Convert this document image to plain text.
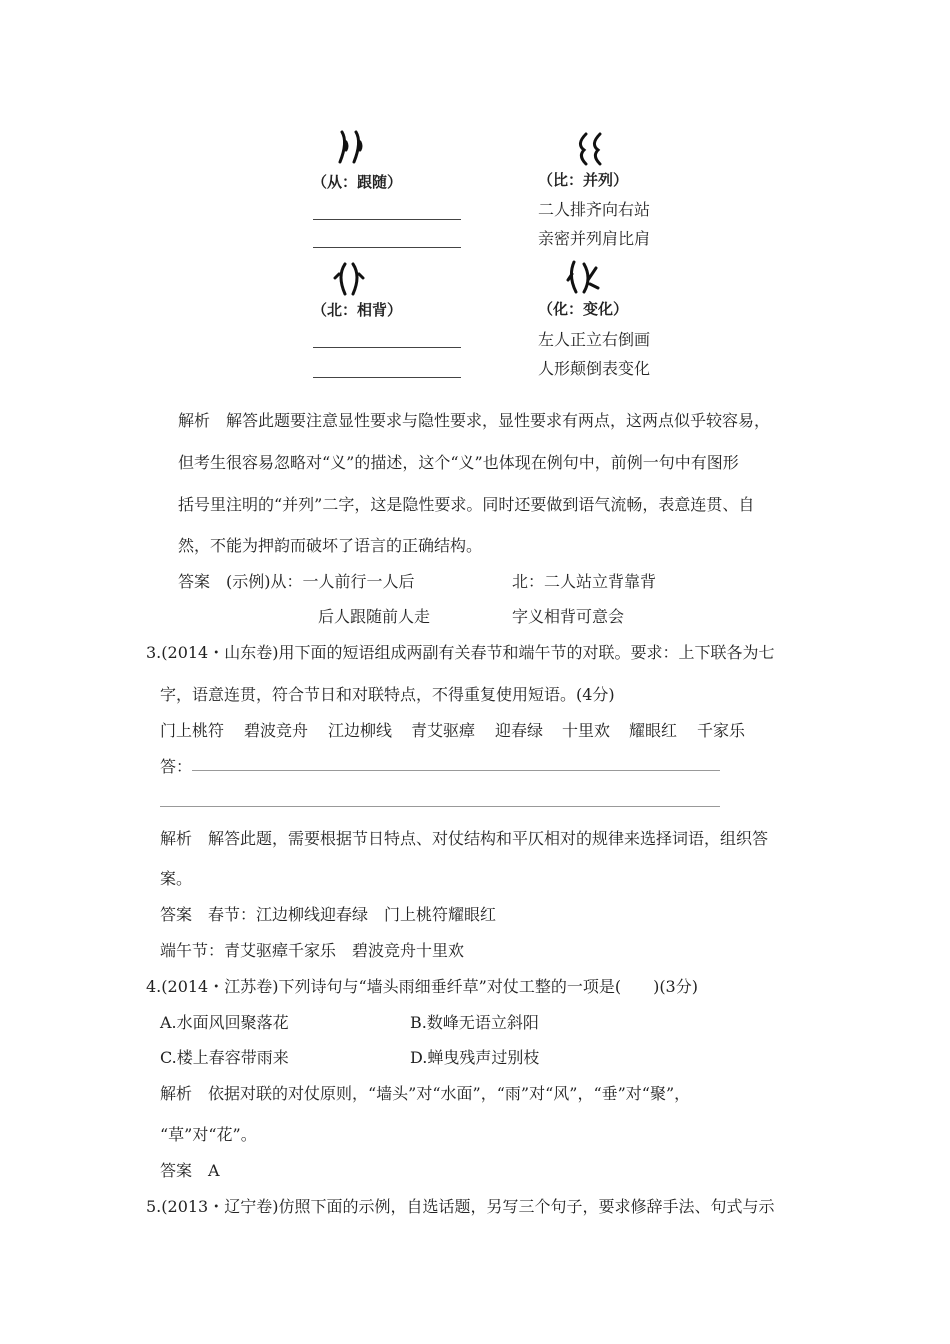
（从：跟随）	（比：并列）
二人排齐向右站
亲密并列肩比肩
（北：相背）	（化：变化）
左人正立右倒画
人形颠倒表变化
解析　解答此题要注意显性要求与隐性要求，显性要求有两点，这两点似乎较容易，
但考生很容易忽略对“义”的描述，这个“义”也体现在例句中，前例一句中有图形
括号里注明的“并列”二字，这是隐性要求。同时还要做到语气流畅，表意连贯、自
然，不能为押韵而破坏了语言的正确结构。
答案　(示例)从：一人前行一人后	北：二人站立背靠背
后人跟随前人走	字义相背可意会
3.(2014・山东卷)用下面的短语组成两副有关春节和端午节的对联。要求：上下联各为七
字，语意连贯，符合节日和对联特点，不得重复使用短语。(4分)
门上桃符 碧波竞舟 江边柳线 青艾驱瘴 迎春绿 十里欢 耀眼红 千家乐
答：
解析　解答此题，需要根据节日特点、对仗结构和平仄相对的规律来选择词语，组织答
案。
答案　春节：江边柳线迎春绿　门上桃符耀眼红
端午节：青艾驱瘴千家乐　碧波竞舟十里欢
4.(2014・江苏卷)下列诗句与“墙头雨细垂纤草”对仗工整的一项是(　　)(3分)
A.水面风回聚落花	B.数峰无语立斜阳
C.楼上春容带雨来	D.蝉曳残声过别枝
解析　依据对联的对仗原则，“墙头”对“水面”，“雨”对“风”，“垂”对“聚”，
“草”对“花”。
答案　A
5.(2013・辽宁卷)仿照下面的示例，自选话题，另写三个句子，要求修辞手法、句式与示
